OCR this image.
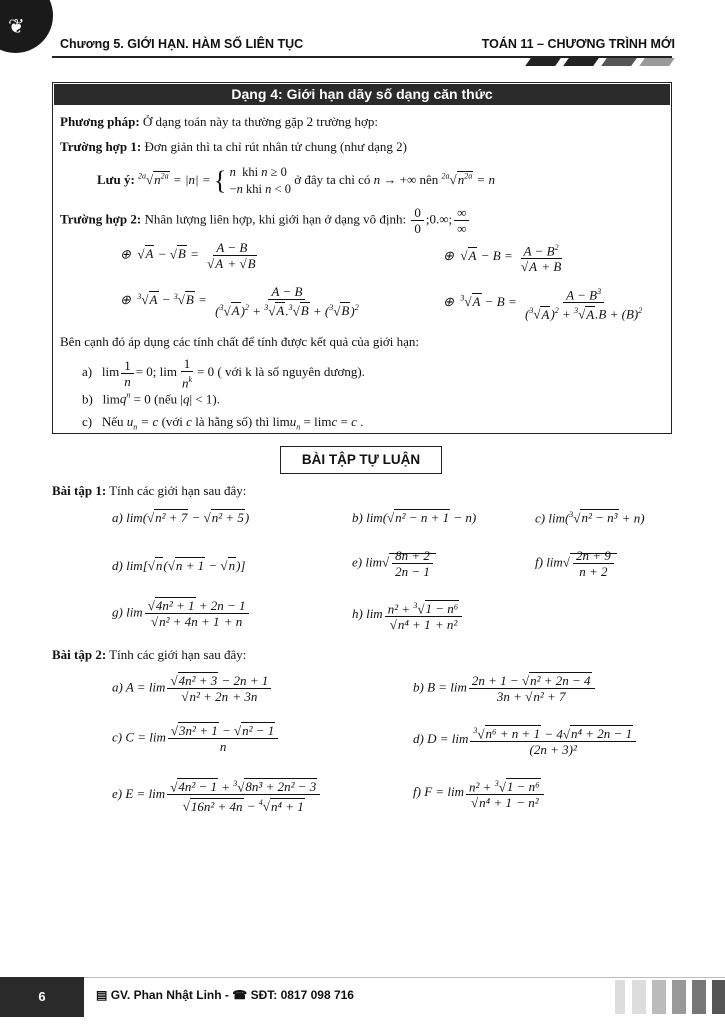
❦
Chương 5. GIỚI HẠN. HÀM SỐ LIÊN TỤC	TOÁN 11 – CHƯƠNG TRÌNH MỚI
Dạng 4: Giới hạn dãy số dạng căn thức
Phương pháp: Ở dạng toán này ta thường gặp 2 trường hợp:
Trường hợp 1: Đơn giản thì ta chỉ rút nhân tử chung (như dạng 2)
Lưu ý: $^{2a}√n^{2a} = |n|$ = { n  khi n ≥ 0
−n khi n < 0 ở đây ta chỉ có n → +∞ nên $^{2a}√n^{2a} = n$
Trường hợp 2: Nhân lượng liên hợp, khi giới hạn ở dạng vô định: $\frac{0}{0}$ ;0.∞; $\frac{\infty}{\infty}$
⊕  $√A - √B = \frac{A - B}{√A + √B}$	⊕  $√A - B = \frac{A - B^2}{√A + B}$
⊕  $^3√A - ^3√B = \frac{A - B}{(^3√A)^2 + ^3√A.^3√B + (^3√B)^2}$	⊕  $^3√A - B = \frac{A - B^3}{(^3√A)^2 + ^3√A.B + (B)^2}$
Bên cạnh đó áp dụng các tính chất để tính được kết quả của giới hạn:
a)   $\lim \frac{1}{n} = 0$; $\lim \frac{1}{n^k} = 0$ ( với k là số nguyên dương).
b)   limq$^n$ = 0 (nếu |q| < 1).
c)   Nếu $u_n = c$ (với c là hằng số) thì limu$_n$ = limc = c .
BÀI TẬP TỰ LUẬN
Bài tập 1: Tính các giới hạn sau đây:
a) lim(√n² + 7 − √n² + 5)	b) lim(√n² − n + 1 − n)	c) lim($^3$√n² − n³ + n)
d) lim[√n(√n + 1 − √n)]	e) $\lim√ \frac{8n + 2}{2n - 1}$	f) $\lim√ \frac{2n + 9}{n + 2}$
g) $\lim \frac{\text{√4n² + 1 + 2n − 1}}{\text{√n² + 4n + 1 + n}}$	h) $\lim \frac{n^2 + ^3√1 - n^6}{\text{√n⁴ + 1 + n²}}$
Bài tập 2: Tính các giới hạn sau đây:
a) $A = \lim \frac{\text{√4n² + 3 − 2n + 1}}{\text{√n² + 2n + 3n}}$	b) $B = \lim \frac{\text{2n + 1 − √n² + 2n − 4}}{\text{3n + √n² + 7}}$
c) $C = \lim \frac{\text{√3n² + 1 − √n² − 1}}{n}$	d) $D = \lim \frac{^3√n^6 + n + 1 - 4√n^4 + 2n - 1}{\text{(2n + 3)²}}$
e) $E = \lim \frac{√4n^2 - 1 + ^3√8n^3 + 2n^2 - 3}{√16n^2 + 4n - ^4√n^4 + 1}$	f) $F = \lim \frac{n^2 + ^3√1 - n^6}{\text{√n⁴ + 1 − n²}}$
6	▤ GV. Phan Nhật Linh - ☎ SĐT: 0817 098 716
